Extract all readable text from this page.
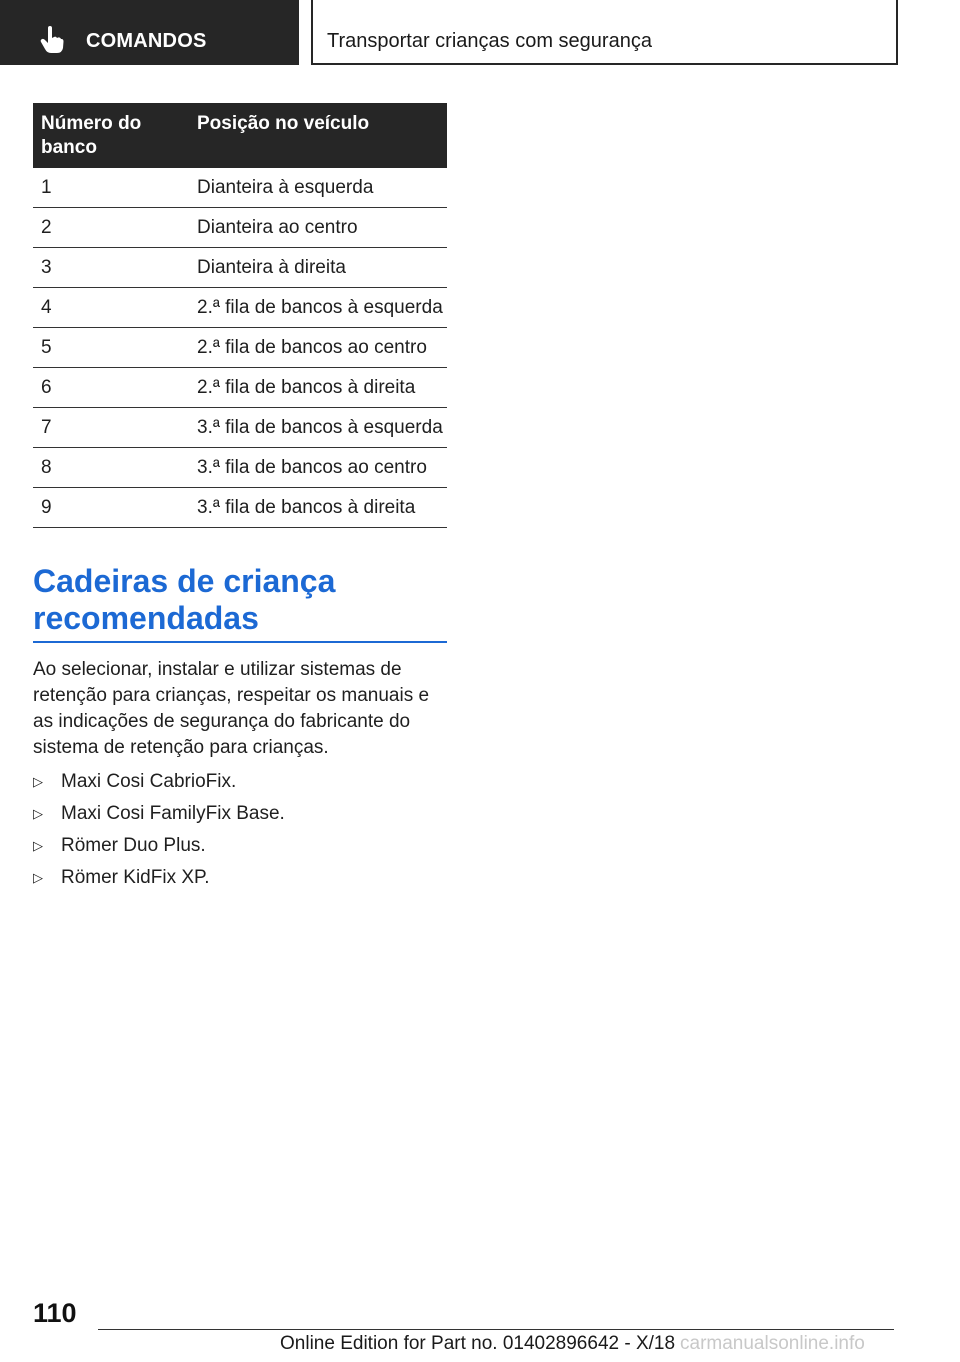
COMANDOS	Transportar crianças com segurança
Número do banco	Posição no veículo
1	Dianteira à esquerda
2	Dianteira ao centro
3	Dianteira à direita
4	2.ª fila de bancos à esquerda
5	2.ª fila de bancos ao centro
6	2.ª fila de bancos à direita
7	3.ª fila de bancos à esquerda
8	3.ª fila de bancos ao centro
9	3.ª fila de bancos à direita
Cadeiras de criança recomendadas

Ao selecionar, instalar e utilizar sistemas de retenção para crianças, respeitar os manuais e as indicações de segurança do fabricante do sistema de retenção para crianças.

▷ Maxi Cosi CabrioFix.
▷ Maxi Cosi FamilyFix Base.
▷ Römer Duo Plus.
▷ Römer KidFix XP.
110
Online Edition for Part no. 01402896642 - X/18 carmanualsonline.info
